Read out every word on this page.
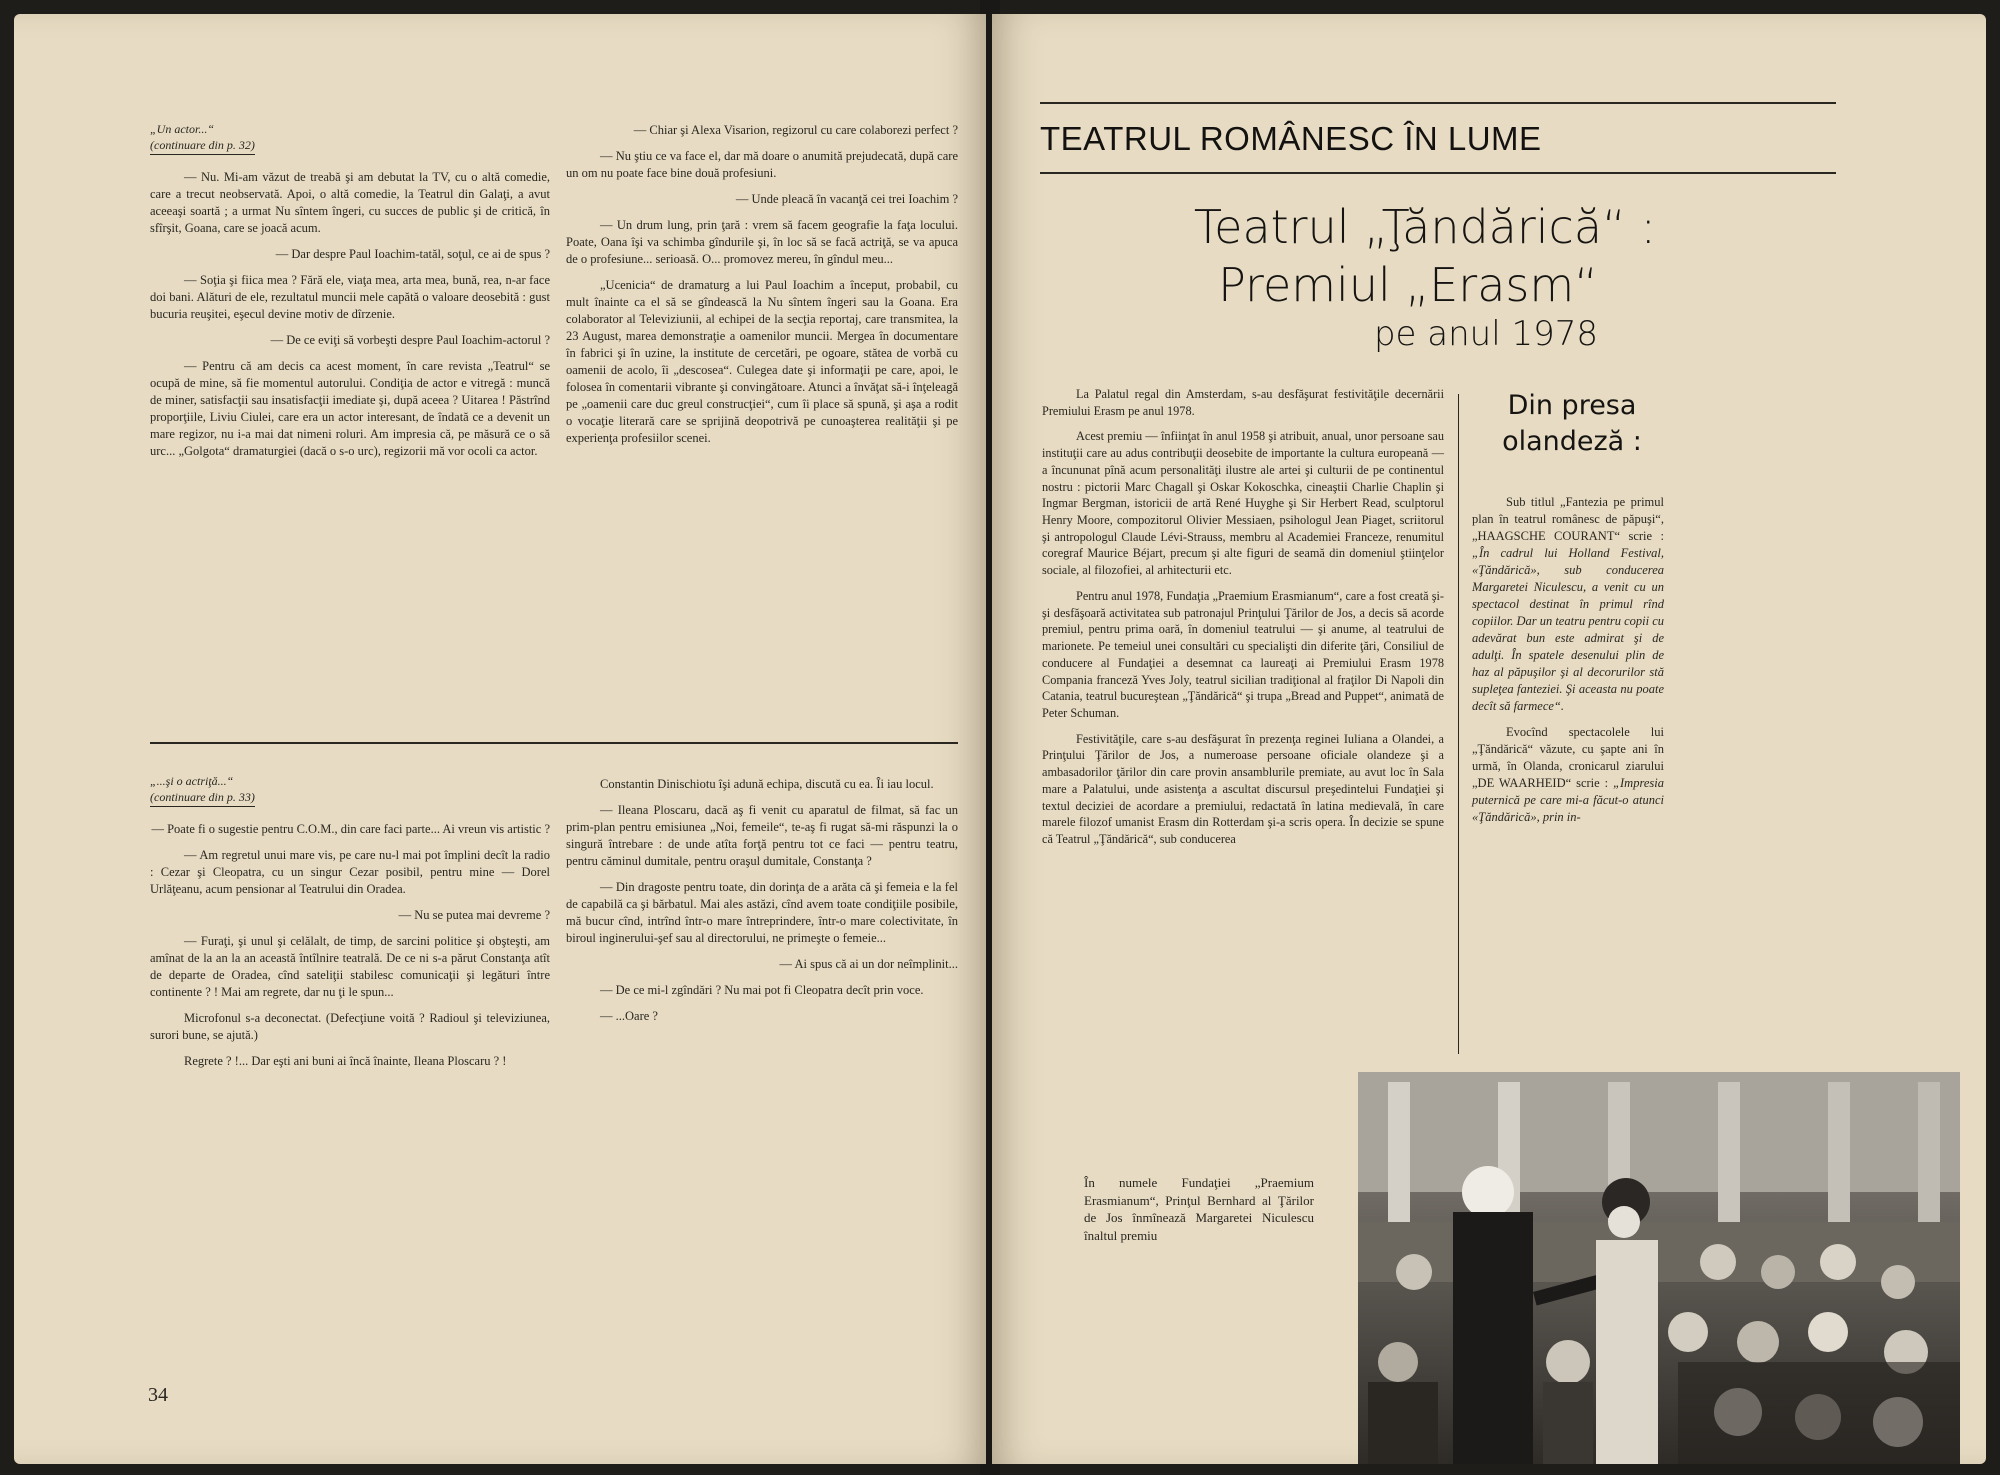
„Un actor...“
(continuare din p. 32)

— Nu. Mi-am văzut de treabă şi am debutat la TV, cu o altă comedie, care a trecut neobservată. Apoi, o altă comedie, la Teatrul din Galaţi, a avut aceeaşi soartă ; a urmat Nu sîntem îngeri, cu succes de public şi de critică, în sfîrşit, Goana, care se joacă acum.

— Dar despre Paul Ioachim-tatăl, soţul, ce ai de spus ?

— Soţia şi fiica mea ? Fără ele, viaţa mea, arta mea, bună, rea, n-ar face doi bani. Alături de ele, rezultatul muncii mele capătă o valoare deosebită : gust bucuria reuşitei, eşecul devine motiv de dîrzenie.

— De ce eviţi să vorbeşti despre Paul Ioachim-actorul ?

— Pentru că am decis ca acest moment, în care revista „Teatrul“ se ocupă de mine, să fie momentul autorului. Condiţia de actor e vitregă : muncă de miner, satisfacţii sau insatisfacţii imediate şi, după aceea ? Uitarea ! Păstrînd proporţiile, Liviu Ciulei, care era un actor interesant, de îndată ce a devenit un mare regizor, nu i-a mai dat nimeni roluri. Am impresia că, pe măsură ce o să urc... „Golgota“ dramaturgiei (dacă o s-o urc), regizorii mă vor ocoli ca actor.

— Chiar şi Alexa Visarion, regizorul cu care colaborezi perfect ?

— Nu ştiu ce va face el, dar mă doare o anumită prejudecată, după care un om nu poate face bine două profesiuni.

— Unde pleacă în vacanţă cei trei Ioachim ?

— Un drum lung, prin ţară : vrem să facem geografie la faţa locului. Poate, Oana îşi va schimba gîndurile şi, în loc să se facă actriţă, se va apuca de o profesiune... serioasă. O... promovez mereu, în gîndul meu...

„Ucenicia“ de dramaturg a lui Paul Ioachim a început, probabil, cu mult înainte ca el să se gîndească la Nu sîntem îngeri sau la Goana. Era colaborator al Televiziunii, al echipei de la secţia reportaj, care transmitea, la 23 August, marea demonstraţie a oamenilor muncii. Mergea în documentare în fabrici şi în uzine, la institute de cercetări, pe ogoare, stătea de vorbă cu oamenii de acolo, îi „descosea“. Culegea date şi informaţii pe care, apoi, le folosea în comentarii vibrante şi convingătoare. Atunci a învăţat să-i înţeleagă pe „oamenii care duc greul construcţiei“, cum îi place să spună, şi aşa a rodit o vocaţie literară care se sprijină deopotrivă pe cunoaşterea realităţii şi pe experienţa profesiilor scenei.

„...şi o actriţă...“
(continuare din p. 33)

— Poate fi o sugestie pentru C.O.M., din care faci parte... Ai vreun vis artistic ?

— Am regretul unui mare vis, pe care nu-l mai pot împlini decît la radio : Cezar şi Cleopatra, cu un singur Cezar posibil, pentru mine — Dorel Urlăţeanu, acum pensionar al Teatrului din Oradea.

— Nu se putea mai devreme ?

— Furaţi, şi unul şi celălalt, de timp, de sarcini politice şi obşteşti, am amînat de la an la an această întîlnire teatrală. De ce ni s-a părut Constanţa atît de departe de Oradea, cînd sateliţii stabilesc comunicaţii şi legături între continente ? ! Mai am regrete, dar nu ţi le spun...

Microfonul s-a deconectat. (Defecţiune voită ? Radioul şi televiziunea, surori bune, se ajută.)

Regrete ? !... Dar eşti ani buni ai încă înainte, Ileana Ploscaru ? !

Constantin Dinischiotu îşi adună echipa, discută cu ea. Îi iau locul.

— Ileana Ploscaru, dacă aş fi venit cu aparatul de filmat, să fac un prim-plan pentru emisiunea „Noi, femeile“, te-aş fi rugat să-mi răspunzi la o singură întrebare : de unde atîta forţă pentru tot ce faci — pentru teatru, pentru căminul dumitale, pentru oraşul dumitale, Constanţa ?

— Din dragoste pentru toate, din dorinţa de a arăta că şi femeia e la fel de capabilă ca şi bărbatul. Mai ales astăzi, cînd avem toate condiţiile posibile, mă bucur cînd, intrînd într-o mare întreprindere, într-o mare colectivitate, în biroul inginerului-şef sau al directorului, ne primeşte o femeie...

— Ai spus că ai un dor neîmplinit...

— De ce mi-l zgîndări ? Nu mai pot fi Cleopatra decît prin voce.

— ...Oare ?

34
TEATRUL ROMÂNESC ÎN LUME
Teatrul „Ţăndărică“ :
Premiul „Erasm“
pe anul 1978

La Palatul regal din Amsterdam, s-au desfăşurat festivităţile decernării Premiului Erasm pe anul 1978.

Acest premiu — înfiinţat în anul 1958 şi atribuit, anual, unor persoane sau instituţii care au adus contribuţii deosebite de importante la cultura europeană — a încununat pînă acum personalităţi ilustre ale artei şi culturii de pe continentul nostru : pictorii Marc Chagall şi Oskar Kokoschka, cineaştii Charlie Chaplin şi Ingmar Bergman, istoricii de artă René Huyghe şi Sir Herbert Read, sculptorul Henry Moore, compozitorul Olivier Messiaen, psihologul Jean Piaget, scriitorul şi antropologul Claude Lévi-Strauss, membru al Academiei Franceze, renumitul coregraf Maurice Béjart, precum şi alte figuri de seamă din domeniul ştiinţelor sociale, al filozofiei, al arhitecturii etc.

Pentru anul 1978, Fundaţia „Praemium Erasmianum“, care a fost creată şi-şi desfăşoară activitatea sub patronajul Prinţului Ţărilor de Jos, a decis să acorde premiul, pentru prima oară, în domeniul teatrului — şi anume, al teatrului de marionete. Pe temeiul unei consultări cu specialişti din diferite ţări, Consiliul de conducere al Fundaţiei a desemnat ca laureaţi ai Premiului Erasm 1978 Compania franceză Yves Joly, teatrul sicilian tradiţional al fraţilor Di Napoli din Catania, teatrul bucureştean „Ţăndărică“ şi trupa „Bread and Puppet“, animată de Peter Schuman.

Festivităţile, care s-au desfăşurat în prezenţa reginei Iuliana a Olandei, a Prinţului Ţărilor de Jos, a numeroase persoane oficiale olandeze şi a ambasadorilor ţărilor din care provin ansamblurile premiate, au avut loc în Sala mare a Palatului, unde asistenţa a ascultat discursul preşedintelui Fundaţiei şi textul deciziei de acordare a premiului, redactată în latina medievală, în care marele filozof umanist Erasm din Rotterdam şi-a scris opera. În decizie se spune că Teatrul „Ţăndărică“, sub conducerea

Din presa
olandeză :

Sub titlul „Fantezia pe primul plan în teatrul românesc de păpuşi“, „HAAGSCHE COURANT“ scrie : „În cadrul lui Holland Festival, «Ţăndărică», sub conducerea Margaretei Niculescu, a venit cu un spectacol destinat în primul rînd copiilor. Dar un teatru pentru copii cu adevărat bun este admirat şi de adulţi. În spatele desenului plin de haz al păpuşilor şi al decorurilor stă supleţea fanteziei. Şi aceasta nu poate decît să farmece“.

Evocînd spectacolele lui „Ţăndărică“ văzute, cu şapte ani în urmă, în Olanda, cronicarul ziarului „DE WAARHEID“ scrie : „Impresia puternică pe care mi-a făcut-o atunci «Ţăndărică», prin in-

În numele Fundaţiei „Praemium Erasmianum“, Prinţul Bernhard al Ţărilor de Jos înmînează Margaretei Niculescu înaltul premiu
